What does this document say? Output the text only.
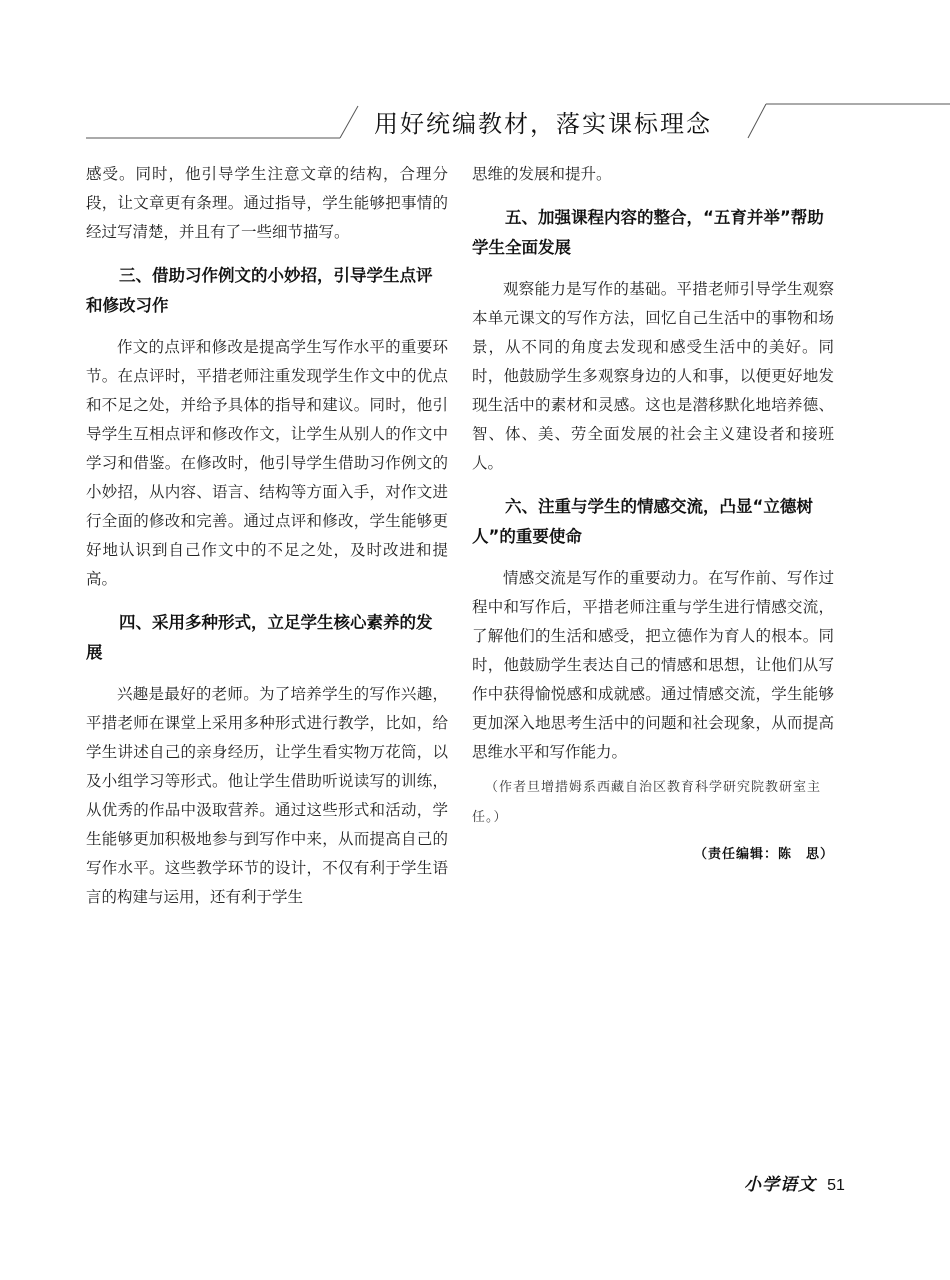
用好统编教材，落实课标理念

感受。同时，他引导学生注意文章的结构，合理分段，让文章更有条理。通过指导，学生能够把事情的经过写清楚，并且有了一些细节描写。

三、借助习作例文的小妙招，引导学生点评和修改习作

作文的点评和修改是提高学生写作水平的重要环节。在点评时，平措老师注重发现学生作文中的优点和不足之处，并给予具体的指导和建议。同时，他引导学生互相点评和修改作文，让学生从别人的作文中学习和借鉴。在修改时，他引导学生借助习作例文的小妙招，从内容、语言、结构等方面入手，对作文进行全面的修改和完善。通过点评和修改，学生能够更好地认识到自己作文中的不足之处，及时改进和提高。

四、采用多种形式，立足学生核心素养的发展

兴趣是最好的老师。为了培养学生的写作兴趣，平措老师在课堂上采用多种形式进行教学，比如，给学生讲述自己的亲身经历，让学生看实物万花筒，以及小组学习等形式。他让学生借助听说读写的训练，从优秀的作品中汲取营养。通过这些形式和活动，学生能够更加积极地参与到写作中来，从而提高自己的写作水平。这些教学环节的设计，不仅有利于学生语言的构建与运用，还有利于学生

思维的发展和提升。

五、加强课程内容的整合，“五育并举”帮助学生全面发展

观察能力是写作的基础。平措老师引导学生观察本单元课文的写作方法，回忆自己生活中的事物和场景，从不同的角度去发现和感受生活中的美好。同时，他鼓励学生多观察身边的人和事，以便更好地发现生活中的素材和灵感。这也是潜移默化地培养德、智、体、美、劳全面发展的社会主义建设者和接班人。

六、注重与学生的情感交流，凸显“立德树人”的重要使命

情感交流是写作的重要动力。在写作前、写作过程中和写作后，平措老师注重与学生进行情感交流，了解他们的生活和感受，把立德作为育人的根本。同时，他鼓励学生表达自己的情感和思想，让他们从写作中获得愉悦感和成就感。通过情感交流，学生能够更加深入地思考生活中的问题和社会现象，从而提高思维水平和写作能力。

（作者旦增措姆系西藏自治区教育科学研究院教研室主任。）

（责任编辑：陈　思）

小学语文 51
